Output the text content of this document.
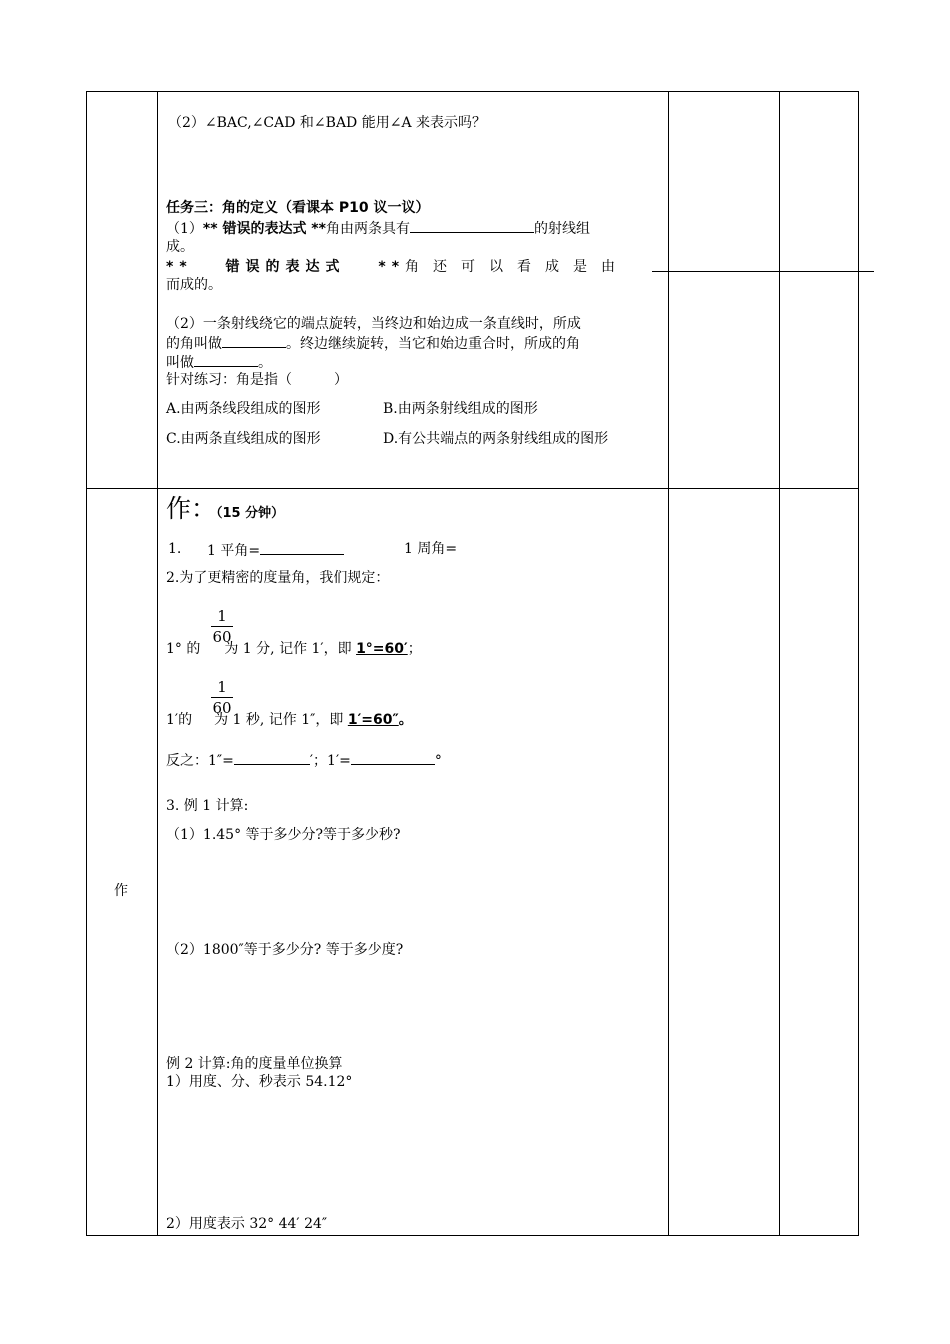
（2）∠BAC,∠CAD 和∠BAD 能用∠A 来表示吗？
任务三：角的定义（看课本 P10 议一议）
（1）** 错误的表达式 **角由两条具有	的射线组
成。
** 错误的表达式 **角还可以看成是由
而成的。
（2）一条射线绕它的端点旋转，当终边和始边成一条直线时，所成
的角叫做	。终边继续旋转，当它和始边重合时，所成的角
叫做	。
针对练习：角是指（　　　）
A.由两条线段组成的图形	B.由两条射线组成的图形
C.由两条直线组成的图形	D.有公共端点的两条射线组成的图形
作
作：（15 分钟）
1. 1 平角=	1 周角=
2.为了更精密的度量角，我们规定：
1
60
1° 的 为 1 分, 记作 1′，即 1°=60′；
1
60
1′的 为 1 秒, 记作 1″，即 1′=60″。
反之：1″=	′；1′=	°
3. 例 1 计算:
（1）1.45° 等于多少分?等于多少秒?
（2）1800″等于多少分? 等于多少度?
例 2 计算:角的度量单位换算
1）用度、分、秒表示 54.12°
2）用度表示 32° 44′ 24″
